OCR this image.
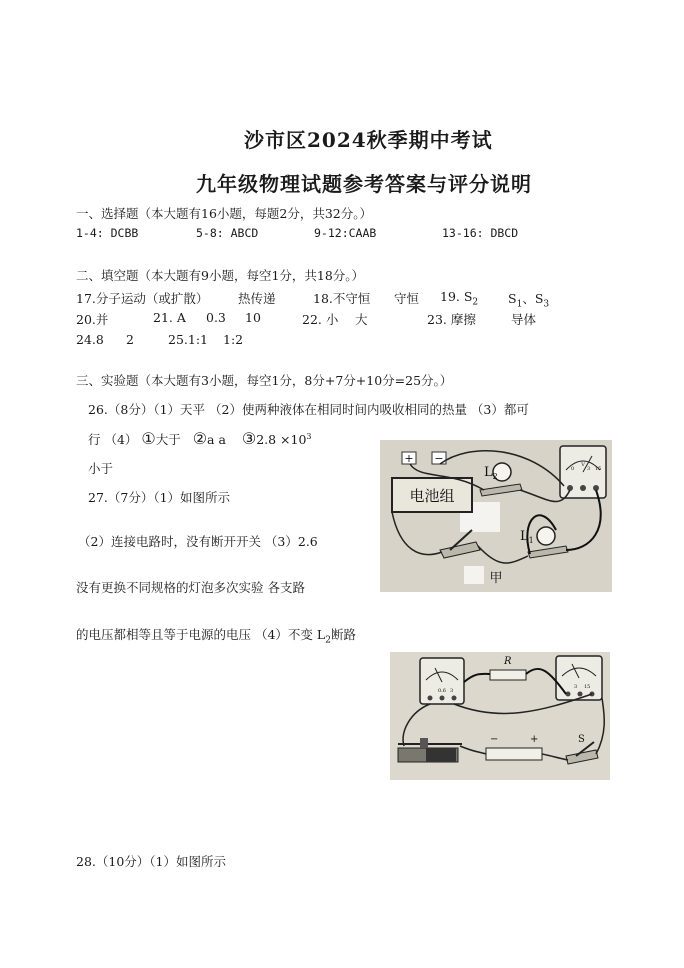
沙市区2024秋季期中考试
九年级物理试题参考答案与评分说明
一、选择题（本大题有16小题，每题2分，共32分。）
1-4: DCBB	5-8: ABCD	9-12:CAAB	13-16: DBCD
二、填空题（本大题有9小题，每空1分，共18分。）
17.分子运动（或扩散） 热传递	18.不守恒 守恒 19. $S_2$ $S_1$、$S_3$
20.并	21. A 0.3 10	22. 小 大	23. 摩擦	导体
24.8 2	25.1:1 1:2
三、实验题（本大题有3小题，每空1分，8分+7分+10分=25分。）
26.（8分）（1）天平 （2）使两种液体在相同时间内吸收相同的热量 （3）都可
行 （4） ①大于 ②a a ③2.8 $\times 10^3$
小于
27.（7分）（1）如图所示
（2）连接电路时，没有断开开关 （3）2.6
没有更换不同规格的灯泡多次实验 各支路
的电压都相等且等于电源的电压 （4）不变 $L_2$断路
28.（10分）（1）如图所示
+ −
电池组
$L_2$
0
V
3 15
$L_1$
甲
0.6 3
R
3 15
−	+	S
